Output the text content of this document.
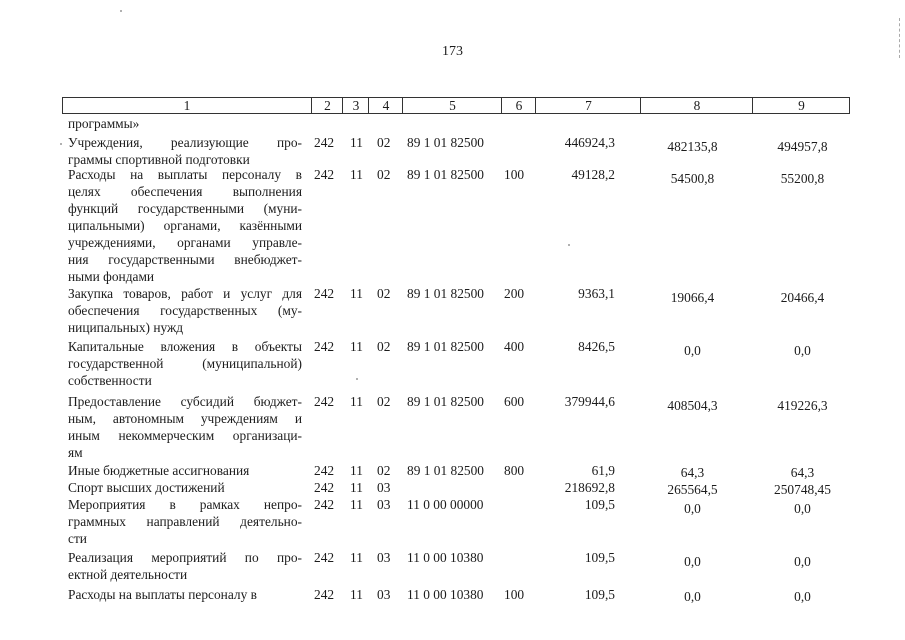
173
1	2	3	4	5	6	7	8	9
программы»
Учреждения, реализующие про-
граммы спортивной подготовки
242 11 02 89 1 01 82500	446924,3	482135,8	494957,8
Расходы на выплаты персоналу в
целях обеспечения выполнения
функций государственными (муни-
ципальными) органами, казёнными
учреждениями, органами управле-
ния государственными внебюджет-
ными фондами
242 11 02 89 1 01 82500 100	49128,2	54500,8	55200,8
Закупка товаров, работ и услуг для
обеспечения государственных (му-
ниципальных) нужд
242 11 02 89 1 01 82500 200	9363,1	19066,4	20466,4
Капитальные вложения в объекты
государственной (муниципальной)
собственности
242 11 02 89 1 01 82500 400	8426,5	0,0	0,0
Предоставление субсидий бюджет-
ным, автономным учреждениям и
иным некоммерческим организаци-
ям
242 11 02 89 1 01 82500 600	379944,6	408504,3	419226,3
Иные бюджетные ассигнования	242 11 02 89 1 01 82500 800	61,9	64,3	64,3
Спорт высших достижений	242 11 03	218692,8	265564,5	250748,45
Мероприятия в рамках непро-
граммных направлений деятельно-
сти
242 11 03 11 0 00 00000	109,5	0,0	0,0
Реализация мероприятий по про-
ектной деятельности
242 11 03 11 0 00 10380	109,5	0,0	0,0
Расходы на выплаты персоналу в	242 11 03 11 0 00 10380 100	109,5	0,0	0,0
